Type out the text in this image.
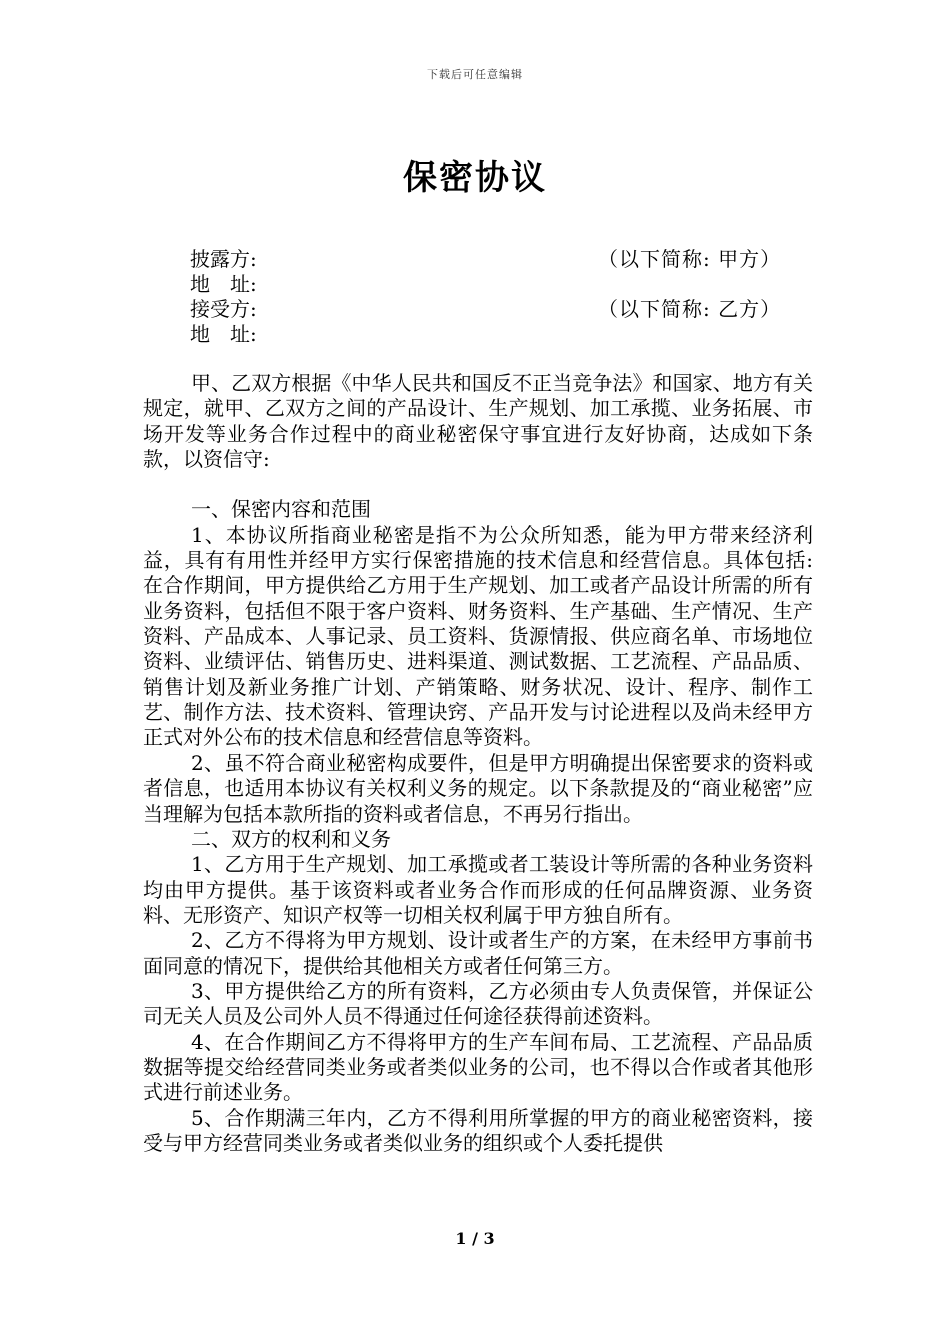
下载后可任意编辑
保密协议
披露方:	（以下简称: 甲方）
地　址:
接受方:	（以下简称: 乙方）
地　址:

甲、乙双方根据《中华人民共和国反不正当竞争法》和国家、地方有关规定，就甲、乙双方之间的产品设计、生产规划、加工承揽、业务拓展、市场开发等业务合作过程中的商业秘密保守事宜进行友好协商，达成如下条款，以资信守:

一、保密内容和范围

1、本协议所指商业秘密是指不为公众所知悉，能为甲方带来经济利益，具有有用性并经甲方实行保密措施的技术信息和经营信息。具体包括: 在合作期间，甲方提供给乙方用于生产规划、加工或者产品设计所需的所有业务资料，包括但不限于客户资料、财务资料、生产基础、生产情况、生产资料、产品成本、人事记录、员工资料、货源情报、供应商名单、市场地位资料、业绩评估、销售历史、进料渠道、测试数据、工艺流程、产品品质、销售计划及新业务推广计划、产销策略、财务状况、设计、程序、制作工艺、制作方法、技术资料、管理诀窍、产品开发与讨论进程以及尚未经甲方正式对外公布的技术信息和经营信息等资料。

2、虽不符合商业秘密构成要件，但是甲方明确提出保密要求的资料或者信息，也适用本协议有关权利义务的规定。以下条款提及的“商业秘密”应当理解为包括本款所指的资料或者信息，不再另行指出。

二、双方的权利和义务

1、乙方用于生产规划、加工承揽或者工装设计等所需的各种业务资料均由甲方提供。基于该资料或者业务合作而形成的任何品牌资源、业务资料、无形资产、知识产权等一切相关权利属于甲方独自所有。

2、乙方不得将为甲方规划、设计或者生产的方案，在未经甲方事前书面同意的情况下，提供给其他相关方或者任何第三方。

3、甲方提供给乙方的所有资料，乙方必须由专人负责保管，并保证公司无关人员及公司外人员不得通过任何途径获得前述资料。

4、在合作期间乙方不得将甲方的生产车间布局、工艺流程、产品品质数据等提交给经营同类业务或者类似业务的公司，也不得以合作或者其他形式进行前述业务。

5、合作期满三年内，乙方不得利用所掌握的甲方的商业秘密资料，接受与甲方经营同类业务或者类似业务的组织或个人委托提供

1 / 3
